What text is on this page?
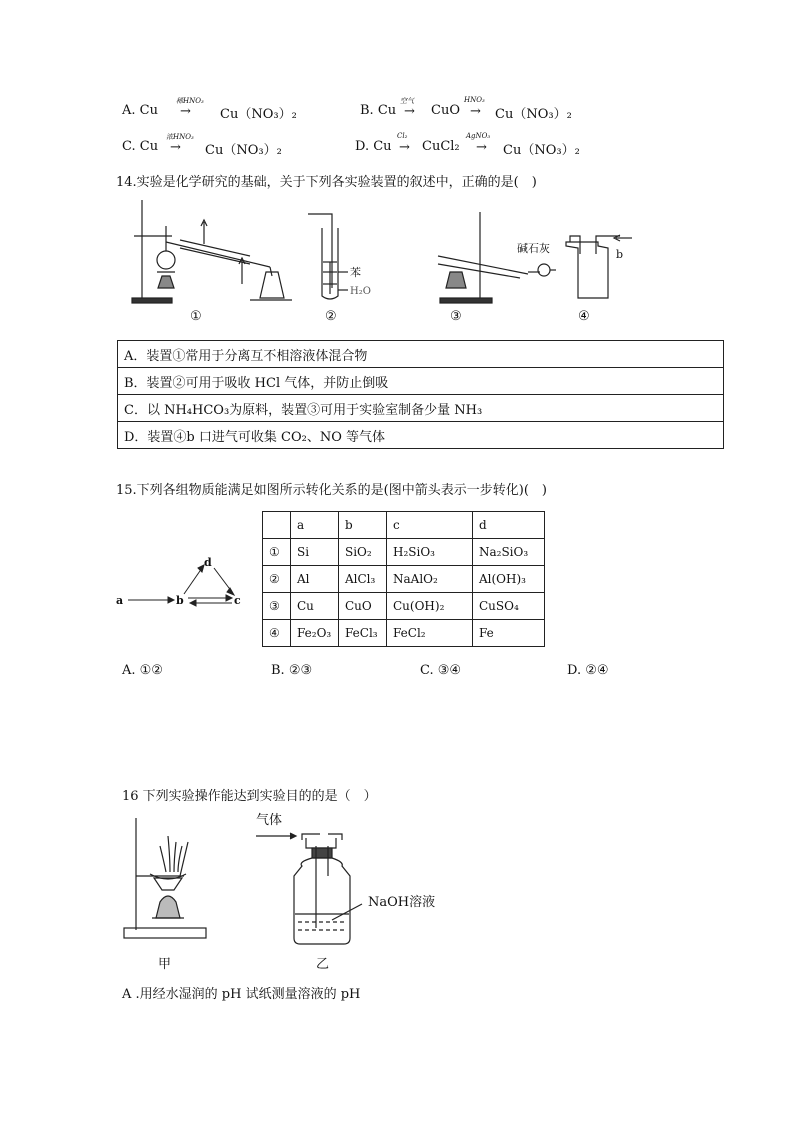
A. Cu
稀HNO₃
→ Cu（NO₃）₂	B. Cu
空气
→ CuO
HNO₃
→ Cu（NO₃）₂
C. Cu
浓HNO₃
→ Cu（NO₃）₂	D. Cu
Cl₂
→ CuCl₂
AgNO₃
→ Cu（NO₃）₂
14.实验是化学研究的基础，关于下列各实验装置的叙述中，正确的是(　)
①
苯
H₂O
②
碱石灰
③
b
④
A．装置①常用于分离互不相溶液体混合物
B．装置②可用于吸收 HCl 气体，并防止倒吸
C．以 NH₄HCO₃为原料，装置③可用于实验室制备少量 NH₃
D．装置④b 口进气可收集 CO₂、NO 等气体
15.下列各组物质能满足如图所示转化关系的是(图中箭头表示一步转化)(　)
a	b
d
c
	a	b	c	d
①	Si	SiO₂	H₂SiO₃	Na₂SiO₃
②	Al	AlCl₃	NaAlO₂	Al(OH)₃
③	Cu	CuO	Cu(OH)₂	CuSO₄
④	Fe₂O₃	FeCl₃	FeCl₂	Fe
A. ①②	B. ②③	C. ③④	D. ②④
16 下列实验操作能达到实验目的的是（　）
甲
气体
NaOH溶液
乙
A .用经水湿润的 pH 试纸测量溶液的 pH
